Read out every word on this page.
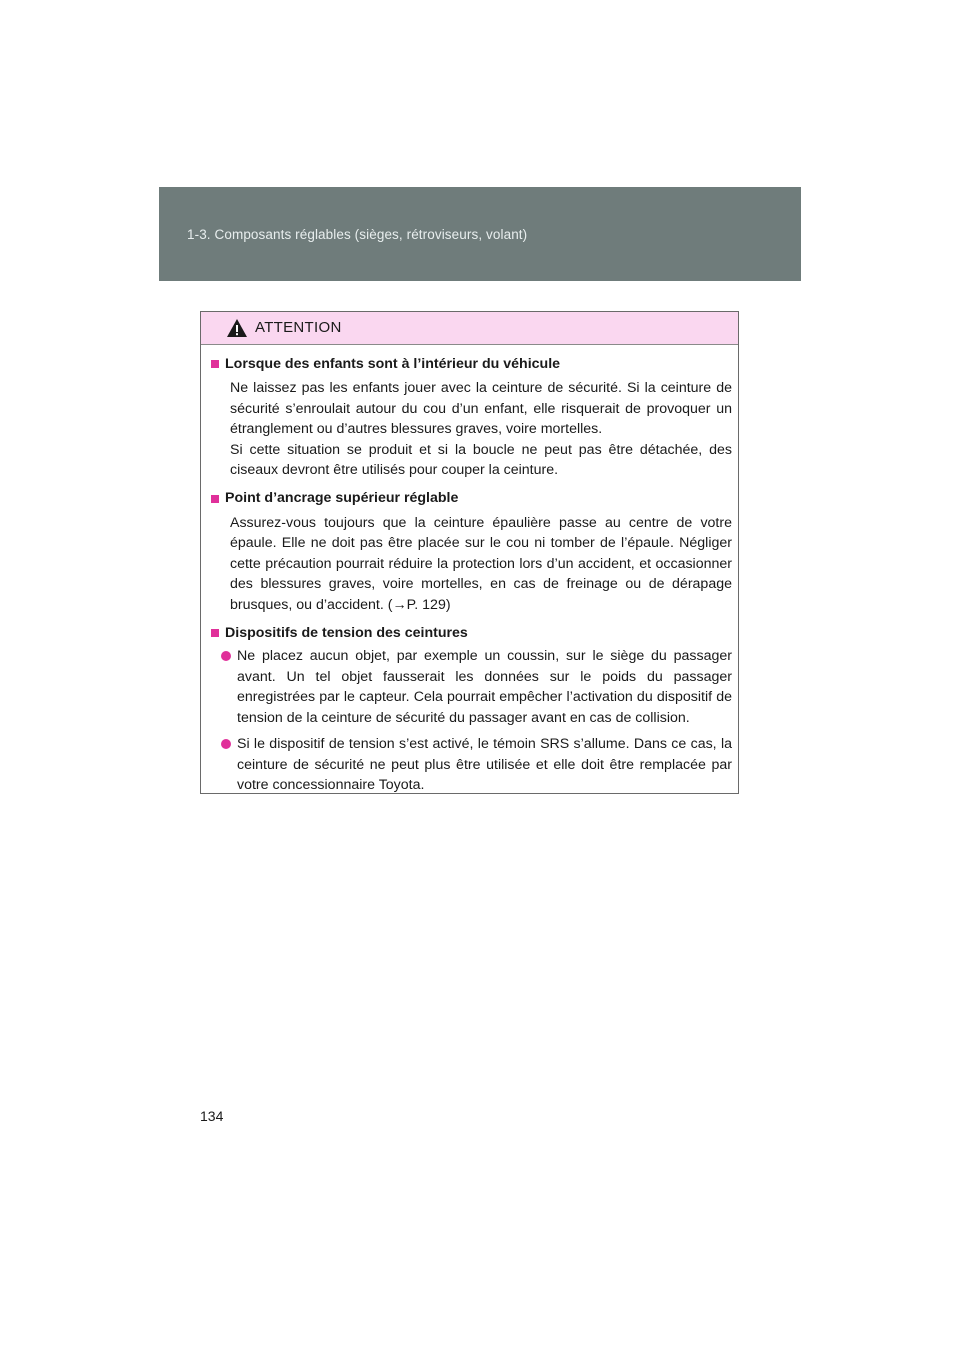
1-3. Composants réglables (sièges, rétroviseurs, volant)
ATTENTION
Lorsque des enfants sont à l’intérieur du véhicule
Ne laissez pas les enfants jouer avec la ceinture de sécurité. Si la ceinture de sécurité s’enroulait autour du cou d’un enfant, elle risquerait de provoquer un étranglement ou d’autres blessures graves, voire mortelles.
Si cette situation se produit et si la boucle ne peut pas être détachée, des ciseaux devront être utilisés pour couper la ceinture.
Point d’ancrage supérieur réglable
Assurez-vous toujours que la ceinture épaulière passe au centre de votre épaule. Elle ne doit pas être placée sur le cou ni tomber de l’épaule. Négliger cette précaution pourrait réduire la protection lors d’un accident, et occasionner des blessures graves, voire mortelles, en cas de freinage ou de dérapage brusques, ou d’accident. (→P. 129)
Dispositifs de tension des ceintures
Ne placez aucun objet, par exemple un coussin, sur le siège du passager avant. Un tel objet fausserait les données sur le poids du passager enregistrées par le capteur. Cela pourrait empêcher l’activation du dispositif de tension de la ceinture de sécurité du passager avant en cas de collision.
Si le dispositif de tension s’est activé, le témoin SRS s’allume. Dans ce cas, la ceinture de sécurité ne peut plus être utilisée et elle doit être remplacée par votre concessionnaire Toyota.
134
